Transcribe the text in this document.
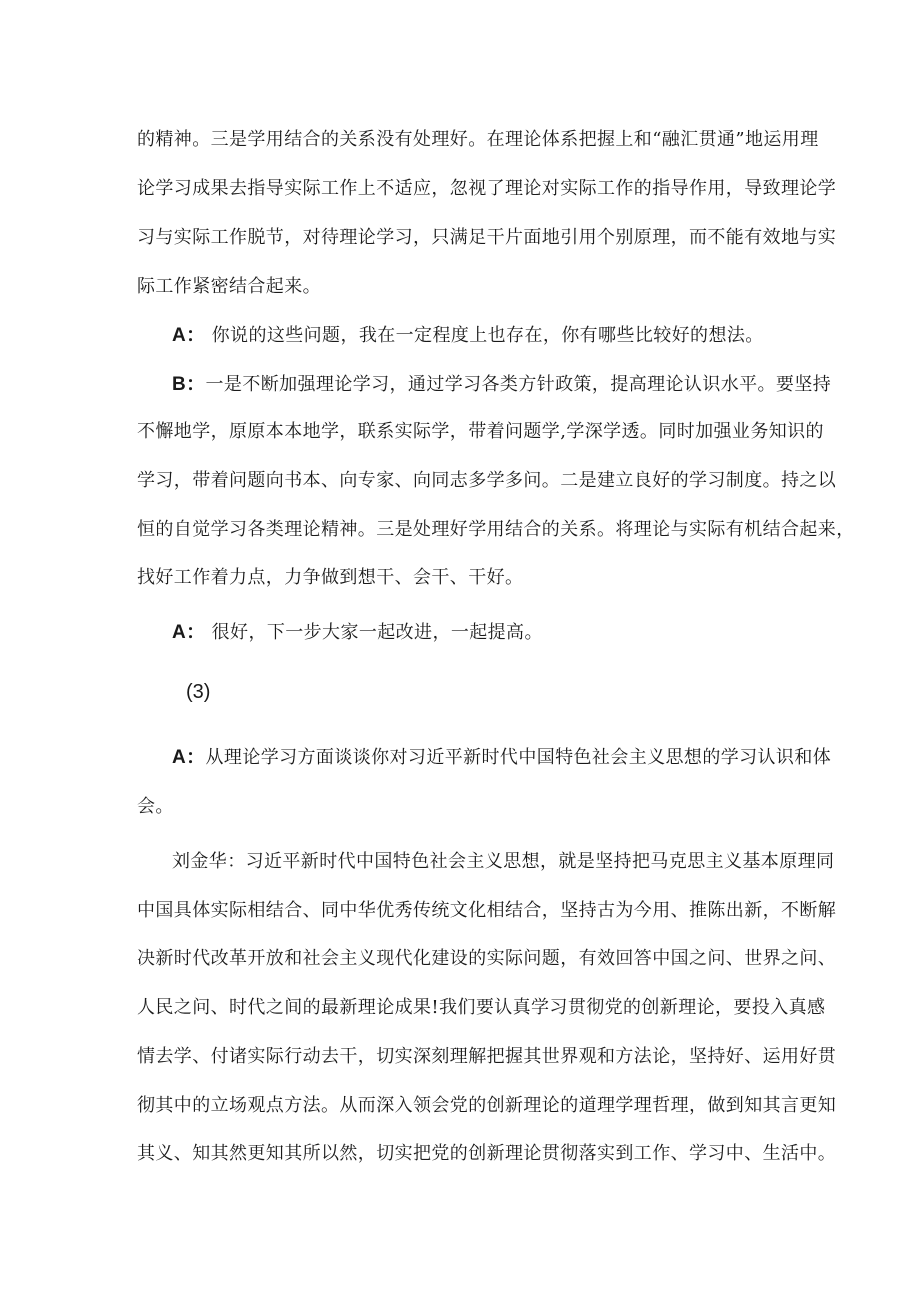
的精神。三是学用结合的关系没有处理好。在理论体系把握上和“融汇贯通”地运用理
论学习成果去指导实际工作上不适应，忽视了理论对实际工作的指导作用，导致理论学
习与实际工作脱节，对待理论学习，只满足干片面地引用个别原理，而不能有效地与实
际工作紧密结合起来。
A： 你说的这些问题，我在一定程度上也存在，你有哪些比较好的想法。
B：一是不断加强理论学习，通过学习各类方针政策，提高理论认识水平。要坚持
不懈地学，原原本本地学，联系实际学，带着问题学,学深学透。同时加强业务知识的
学习，带着问题向书本、向专家、向同志多学多问。二是建立良好的学习制度。持之以
恒的自觉学习各类理论精神。三是处理好学用结合的关系。将理论与实际有机结合起来，
找好工作着力点，力争做到想干、会干、干好。
A： 很好，下一步大家一起改进，一起提高。
(3)
A：从理论学习方面谈谈你对习近平新时代中国特色社会主义思想的学习认识和体
会。
刘金华：习近平新时代中国特色社会主义思想，就是坚持把马克思主义基本原理同
中国具体实际相结合、同中华优秀传统文化相结合，坚持古为今用、推陈出新，不断解
决新时代改革开放和社会主义现代化建设的实际问题，有效回答中国之问、世界之问、
人民之问、时代之间的最新理论成果!我们要认真学习贯彻党的创新理论，要投入真感
情去学、付诸实际行动去干，切实深刻理解把握其世界观和方法论，坚持好、运用好贯
彻其中的立场观点方法。从而深入领会党的创新理论的道理学理哲理，做到知其言更知
其义、知其然更知其所以然，切实把党的创新理论贯彻落实到工作、学习中、生活中。
